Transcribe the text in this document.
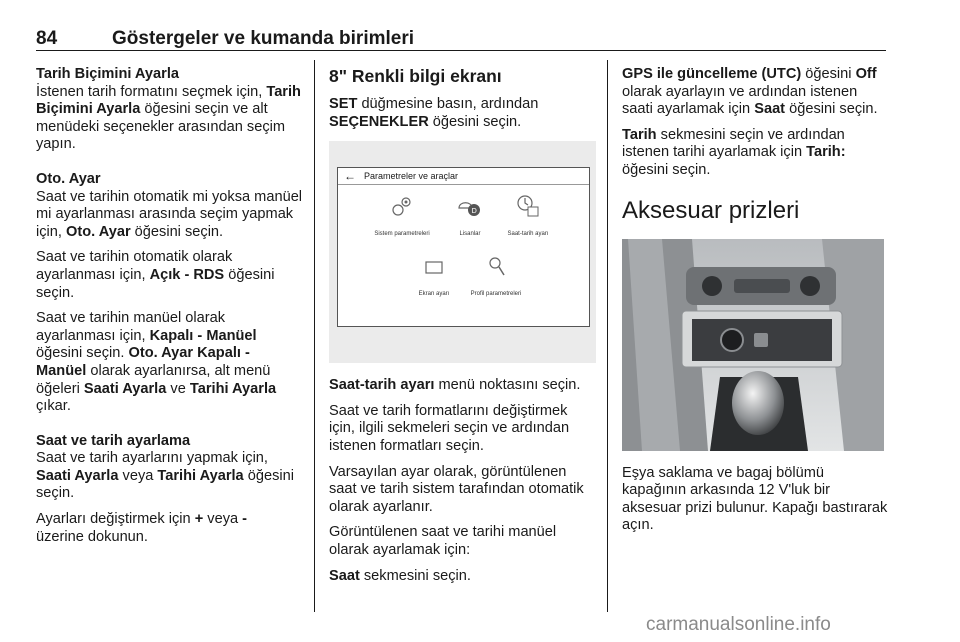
84	Göstergeler ve kumanda birimleri

Tarih Biçimini Ayarla
İstenen tarih formatını seçmek için, Tarih Biçimini Ayarla öğesini seçin ve alt menüdeki seçenekler arasından seçim yapın.

Oto. Ayar
Saat ve tarihin otomatik mi yoksa manüel mi ayarlanması arasında seçim yapmak için, Oto. Ayar öğesini seçin.

Saat ve tarihin otomatik olarak ayarlanması için, Açık - RDS öğesini seçin.

Saat ve tarihin manüel olarak ayarlanması için, Kapalı - Manüel öğesini seçin. Oto. Ayar Kapalı - Manüel olarak ayarlanırsa, alt menü öğeleri Saati Ayarla ve Tarihi Ayarla çıkar.

Saat ve tarih ayarlama
Saat ve tarih ayarlarını yapmak için, Saati Ayarla veya Tarihi Ayarla öğesini seçin.

Ayarları değiştirmek için + veya -
üzerine dokunun.

8" Renkli bilgi ekranı

SET düğmesine basın, ardından SEÇENEKLER öğesini seçin.

← Parametreler ve araçlar
Sistem parametreleri
D
Lisanlar	Saat-tarih ayarı
Ekran ayarı	Profil parametreleri

Saat-tarih ayarı menü noktasını seçin.

Saat ve tarih formatlarını değiştirmek için, ilgili sekmeleri seçin ve ardından istenen formatları seçin.

Varsayılan ayar olarak, görüntülenen saat ve tarih sistem tarafından otomatik olarak ayarlanır.

Görüntülenen saat ve tarihi manüel olarak ayarlamak için:

Saat sekmesini seçin.

GPS ile güncelleme (UTC) öğesini Off olarak ayarlayın ve ardından istenen saati ayarlamak için Saat öğesini seçin.

Tarih sekmesini seçin ve ardından istenen tarihi ayarlamak için Tarih: öğesini seçin.

Aksesuar prizleri

Eşya saklama ve bagaj bölümü kapağının arkasında 12 V'luk bir aksesuar prizi bulunur. Kapağı bastırarak açın.

carmanualsonline.info
